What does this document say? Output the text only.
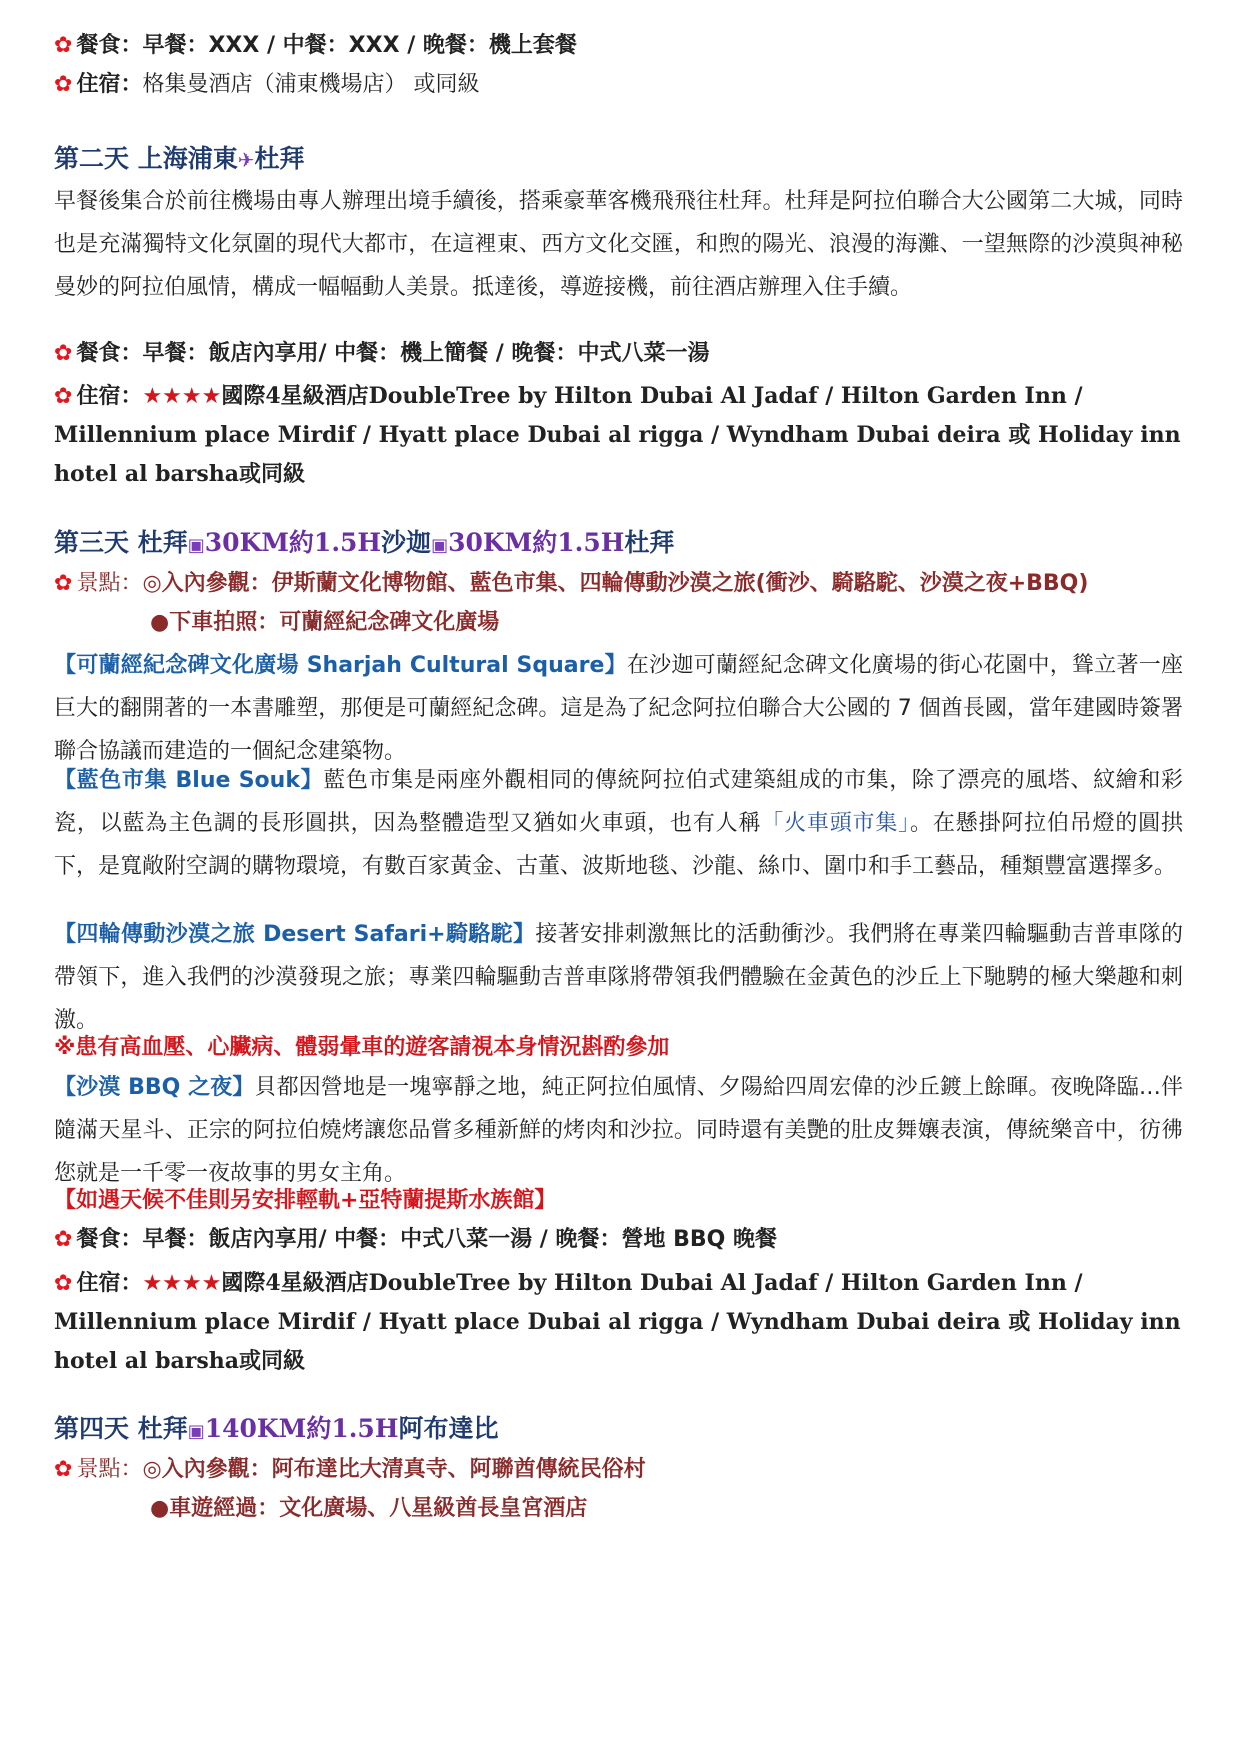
✿ 餐食：早餐：XXX / 中餐：XXX / 晚餐：機上套餐
✿ 住宿：格集曼酒店（浦東機場店） 或同級
第二天 上海浦東✈杜拜
早餐後集合於前往機場由專人辦理出境手續後，搭乘豪華客機飛飛往杜拜。杜拜是阿拉伯聯合大公國第二大城，同時也是充滿獨特文化氛圍的現代大都市，在這裡東、西方文化交匯，和煦的陽光、浪漫的海灘、一望無際的沙漠與神秘曼妙的阿拉伯風情，構成一幅幅動人美景。抵達後，導遊接機，前往酒店辦理入住手續。
✿ 餐食：早餐：飯店內享用/ 中餐：機上簡餐 / 晚餐：中式八菜一湯
✿ 住宿：★★★★國際4星級酒店DoubleTree by Hilton Dubai Al Jadaf / Hilton Garden Inn / Millennium place Mirdif / Hyatt place Dubai al rigga / Wyndham Dubai deira 或 Holiday inn hotel al barsha或同級
第三天 杜拜▣30KM約1.5H沙迦▣30KM約1.5H杜拜
✿ 景點：◎入內參觀：伊斯蘭文化博物館、藍色市集、四輪傳動沙漠之旅(衝沙、騎駱駝、沙漠之夜+BBQ)
●下車拍照：可蘭經紀念碑文化廣場
【可蘭經紀念碑文化廣場 Sharjah Cultural Square】在沙迦可蘭經紀念碑文化廣場的街心花園中，聳立著一座巨大的翻開著的一本書雕塑，那便是可蘭經紀念碑。這是為了紀念阿拉伯聯合大公國的 7 個酋長國，當年建國時簽署聯合協議而建造的一個紀念建築物。
【藍色市集 Blue Souk】藍色市集是兩座外觀相同的傳統阿拉伯式建築組成的市集，除了漂亮的風塔、紋繪和彩瓷，以藍為主色調的長形圓拱，因為整體造型又猶如火車頭，也有人稱「火車頭市集」。在懸掛阿拉伯吊燈的圓拱下，是寬敞附空調的購物環境，有數百家黃金、古董、波斯地毯、沙龍、絲巾、圍巾和手工藝品，種類豐富選擇多。
【四輪傳動沙漠之旅 Desert Safari+騎駱駝】接著安排刺激無比的活動衝沙。我們將在專業四輪驅動吉普車隊的帶領下，進入我們的沙漠發現之旅；專業四輪驅動吉普車隊將帶領我們體驗在金黃色的沙丘上下馳騁的極大樂趣和刺激。
※患有高血壓、心臟病、體弱暈車的遊客請視本身情況斟酌參加
【沙漠 BBQ 之夜】貝都因營地是一塊寧靜之地，純正阿拉伯風情、夕陽給四周宏偉的沙丘鍍上餘暉。夜晚降臨…伴隨滿天星斗、正宗的阿拉伯燒烤讓您品嘗多種新鮮的烤肉和沙拉。同時還有美艷的肚皮舞孃表演，傳統樂音中，彷彿您就是一千零一夜故事的男女主角。
【如遇天候不佳則另安排輕軌+亞特蘭提斯水族館】
✿ 餐食：早餐：飯店內享用/ 中餐：中式八菜一湯 / 晚餐：營地 BBQ 晚餐
✿ 住宿：★★★★國際4星級酒店DoubleTree by Hilton Dubai Al Jadaf / Hilton Garden Inn / Millennium place Mirdif / Hyatt place Dubai al rigga / Wyndham Dubai deira 或 Holiday inn hotel al barsha或同級
第四天 杜拜▣140KM約1.5H阿布達比
✿ 景點：◎入內參觀：阿布達比大清真寺、阿聯酋傳統民俗村
●車遊經過：文化廣場、八星級酋長皇宮酒店
